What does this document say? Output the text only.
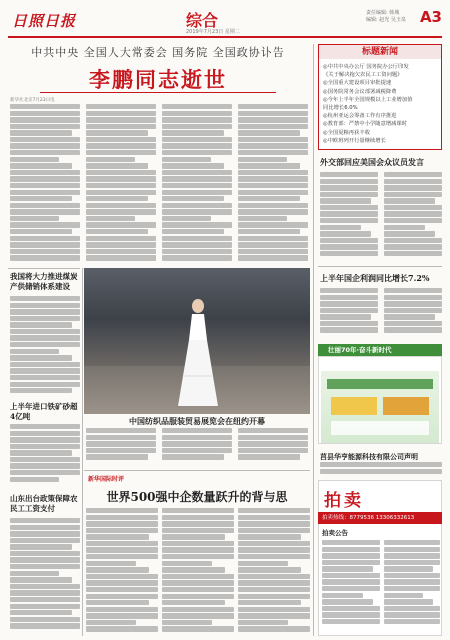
日照日报	综合
2019年7月23日 星期二
责任编辑: 韩城
编辑: 赵光 吴玉泉 A3
中共中央 全国人大常委会 国务院 全国政协讣告
李鹏同志逝世
新华社北京7月23日电
标题新闻
◎中共中央办公厅 国务院办公厅印发
《关于解决拖欠农民工工资问题》
◎全国重大建设项目审批提速
◎国务院常务会议部署减税降费
◎今年上半年全国规模以上工业增加值
同比增长6.0%
◎杭州亚运会筹备工作有序推进
◎教育部：严禁中小学随意增减课时
◎全国夏粮再获丰收
◎中欧班列开行量继续增长
外交部回应美国会众议员发言
上半年国企利润同比增长7.2%
我国将大力推进煤炭产供储销体系建设
上半年进口铁矿砂超4亿吨
山东出台政策保障农民工工资支付
中国纺织品服装贸易展览会在纽约开幕
新华国际时评
世界500强中企数量跃升的背与思
壮丽70年·奋斗新时代
莒县华亨能源科技有限公司声明
拍卖
拍卖热线：8779536 13306332613
拍卖公告
